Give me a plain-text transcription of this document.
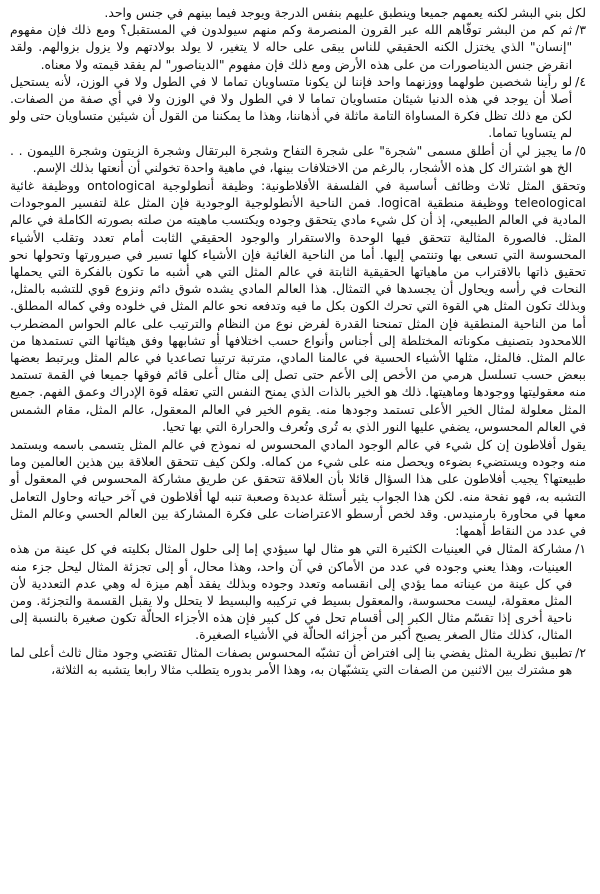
لكل بني البشر لكنه يعمهم جميعا وينطبق عليهم بنفس الدرجة ويوجد فيما بينهم في جنس واحد.

٣/
ثم كم من البشر توفّاهم الله عبر القرون المنصرمة وكم منهم سيولدون في المستقبل؟ ومع ذلك فإن مفهوم "إنسان" الذي يختزل الكنه الحقيقي للناس يبقى على حاله لا يتغير، لا يولد بولادتهم ولا يزول بزوالهم. ولقد انقرض جنس الديناصورات من على هذه الأرض ومع ذلك فإن مفهوم "الديناصور" لم يفقد قيمته ولا معناه.
٤/
لو رأينا شخصين طولهما ووزنهما واحد فإننا لن يكونا متساويان تماما لا في الطول ولا في الوزن، لأنه يستحيل أصلا أن يوجد في هذه الدنيا شيئان متساويان تماما لا في الطول ولا في الوزن ولا في أي صفة من الصفات. لكن مع ذلك تظل فكرة المساواة التامة ماثلة في أذهاننا، وهذا ما يمكننا من القول أن شيئين متساويان حتى ولو لم يتساويا تماما.
٥/
ما يجيز لي أن أطلق مسمى "شجرة" على شجرة التفاح وشجرة البرتقال وشجرة الزيتون وشجرة الليمون . . الخ هو اشتراك كل هذه الأشجار، بالرغم من الاختلافات بينها، في ماهية واحدة تخولني أن أنعتها بذلك الإسم.

وتحقق المثل ثلاث وظائف أساسية في الفلسفة الأفلاطونية: وظيفة أنطولوجية ontological ووظيفة غائية teleological ووظيفة منطقية logical. فمن الناحية الأنطولوجية الوجودية فإن المثل علة لتفسير الموجودات المادية في العالم الطبيعي، إذ أن كل شيء مادي يتحقق وجوده ويكتسب ماهيته من صلته بصورته الكاملة في عالم المثل. فالصورة المثالية تتحقق فيها الوحدة والاستقرار والوجود الحقيقي الثابت أمام تعدد وتقلب الأشياء المحسوسة التي تسعى بها وتنتمي إليها. أما من الناحية الغائية فإن الأشياء كلها تسير في صيرورتها وتحولها نحو تحقيق ذاتها بالاقتراب من ماهياتها الحقيقية الثابتة في عالم المثل التي هي أشبه ما تكون بالفكرة التي يحملها النحات في رأسه ويحاول أن يجسدها في التمثال. هذا العالم المادي يشده شوق دائم ونزوع قوي للتشبه بالمثل، وبذلك تكون المثل هي القوة التي تحرك الكون بكل ما فيه وتدفعه نحو عالم المثل في خلوده وفي كماله المطلق. أما من الناحية المنطقية فإن المثل تمنحنا القدرة لفرض نوع من النظام والترتيب على عالم الحواس المضطرب اللامحدود بتصنيف مكوناته المختلطة إلى أجناس وأنواع حسب اختلافها أو تشابهها وفق هيئاتها التي تستمدها من عالم المثل. فالمثل، مثلها الأشياء الحسية في عالمنا المادي، مترتبة ترتيبا تصاعديا في عالم المثل ويرتبط بعضها ببعض حسب تسلسل هرمي من الأخص إلى الأعم حتى تصل إلى مثال أعلى قائم فوقها جميعا في القمة تستمد منه معقوليتها ووجودها وماهيتها. ذلك هو الخير بالذات الذي يمنح النفس التي تعقله قوة الإدراك وعمق الفهم. جميع المثل معلولة لمثال الخير الأعلى تستمد وجودها منه. يقوم الخير في العالم المعقول، عالم المثل، مقام الشمس في العالم المحسوس، يضفي عليها النور الذي به تُرى وتُعرف والحرارة التي بها تحيا.

يقول أفلاطون إن كل شيء في عالم الوجود المادي المحسوس له نموذج في عالم المثل يتسمى باسمه ويستمد منه وجوده ويستضيء بضوءه ويحصل منه على شيء من كماله. ولكن كيف تتحقق العلاقة بين هذين العالمين وما طبيعتها؟ يجيب أفلاطون على هذا السؤال قائلا بأن العلاقة تتحقق عن طريق مشاركة المحسوس في المعقول أو التشبه به، فهو نفحة منه. لكن هذا الجواب يثير أسئلة عديدة وصعبة تنبه لها أفلاطون في آخر حياته وحاول التعامل معها في محاورة بارمنيدس. وقد لخص أرسطو الاعتراضات على فكرة المشاركة بين العالم الحسي وعالم المثل في عدد من النقاط أهمها:

١/
مشاركة المثال في العينيات الكثيرة التي هو مثال لها سيؤدي إما إلى حلول المثال بكليته في كل عينة من هذه العينيات، وهذا يعني وجوده في عدد من الأماكن في آن واحد، وهذا محال، أو إلى تجزئة المثال ليحل جزء منه في كل عينة من عيناته مما يؤدي إلى انقسامه وتعدد وجوده وبذلك يفقد أهم ميزة له وهي عدم التعددية لأن المثل معقولة، ليست محسوسة، والمعقول بسيط في تركيبه والبسيط لا يتحلل ولا يقبل القسمة والتجزئة. ومن ناحية أخرى إذا تقسّم مثال الكبر إلى أقسام تحل في كل كبير فإن هذه الأجزاء الحالّة تكون صغيرة بالنسبة إلى المثال، كذلك مثال الصغر يصبح أكبر من أجزائه الحالّة في الأشياء الصغيرة.
٢/
تطبيق نظرية المثل يفضي بنا إلى افتراض أن تشبّه المحسوس بصفات المثال تقتضي وجود مثال ثالث أعلى لما هو مشترك بين الاثنين من الصفات التي يتشبّهان به، وهذا الأمر بدوره يتطلب مثالا رابعا يتشبه به الثلاثة،
